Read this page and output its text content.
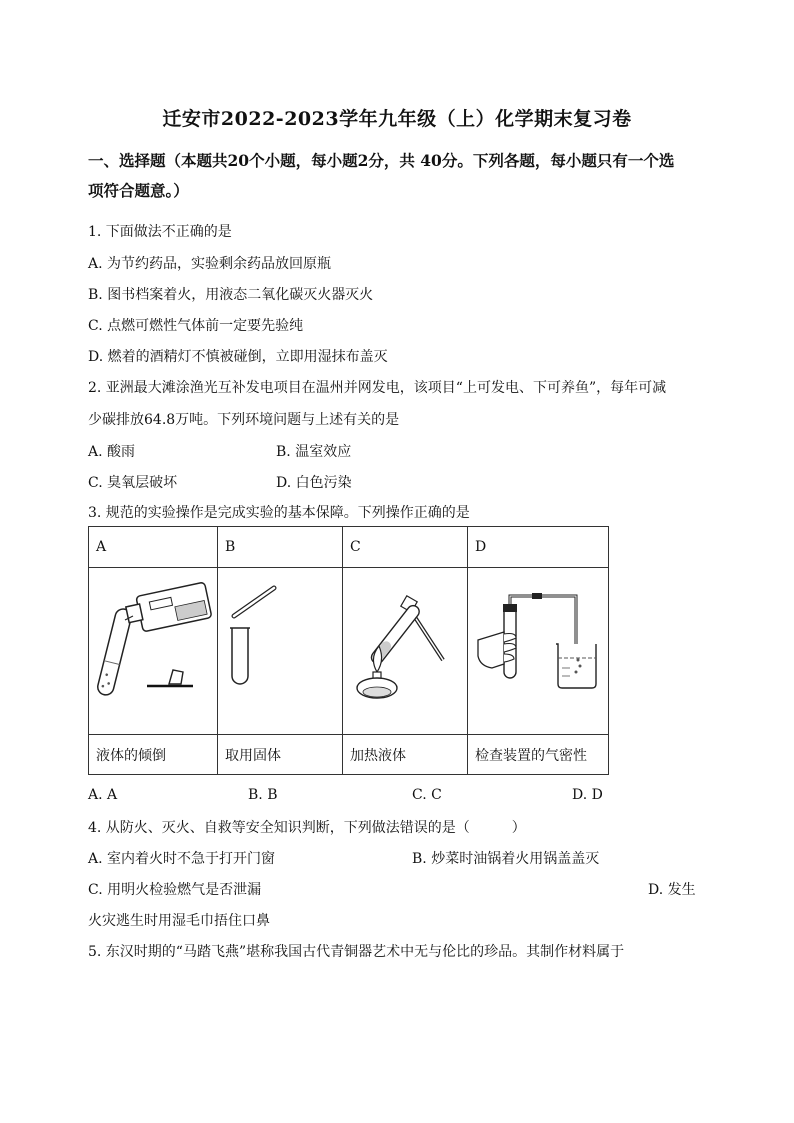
迁安市2022-2023学年九年级（上）化学期末复习卷
一、选择题（本题共20个小题，每小题2分，共 40分。下列各题，每小题只有一个选
项符合题意。）
1. 下面做法不正确的是
A. 为节约药品，实验剩余药品放回原瓶
B. 图书档案着火，用液态二氧化碳灭火器灭火
C. 点燃可燃性气体前一定要先验纯
D. 燃着的酒精灯不慎被碰倒，立即用湿抹布盖灭
2. 亚洲最大滩涂渔光互补发电项目在温州并网发电，该项目“上可发电、下可养鱼”，每年可减
少碳排放64.8万吨。下列环境问题与上述有关的是
A. 酸雨	B. 温室效应
C. 臭氧层破坏	D. 白色污染
3. 规范的实验操作是完成实验的基本保障。下列操作正确的是
A	B	C	D

液体的倾倒	取用固体	加热液体	检查装置的气密性
A. A	B. B	C. C	D. D
4. 从防火、灭火、自救等安全知识判断，下列做法错误的是（　　　）
A. 室内着火时不急于打开门窗	B. 炒菜时油锅着火用锅盖盖灭
C. 用明火检验燃气是否泄漏	D. 发生
火灾逃生时用湿毛巾捂住口鼻
5. 东汉时期的“马踏飞燕”堪称我国古代青铜器艺术中无与伦比的珍品。其制作材料属于
